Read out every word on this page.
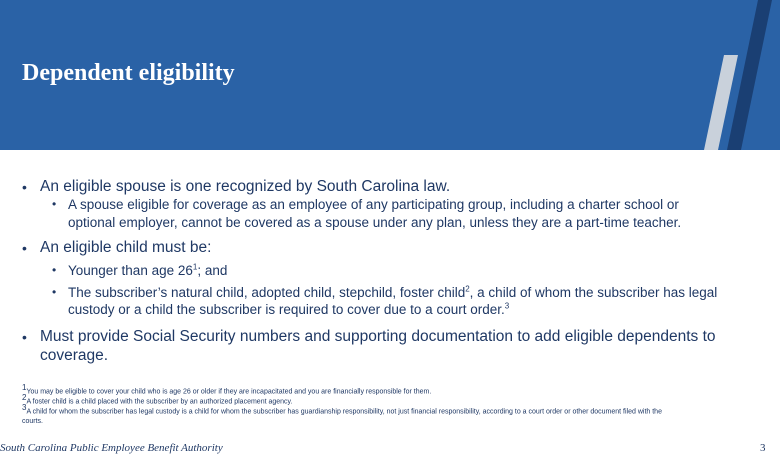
Dependent eligibility
• An eligible spouse is one recognized by South Carolina law.
• A spouse eligible for coverage as an employee of any participating group, including a charter school or
optional employer, cannot be covered as a spouse under any plan, unless they are a part-time teacher.
• An eligible child must be:
• Younger than age $26^1$; and
• The subscriber’s natural child, adopted child, stepchild, foster child$^2$, a child of whom the subscriber has legal
custody or a child the subscriber is required to cover due to a court order.$^3$
• Must provide Social Security numbers and supporting documentation to add eligible dependents to
coverage.
$^1$You may be eligible to cover your child who is age 26 or older if they are incapacitated and you are financially responsible for them.
$^2$A foster child is a child placed with the subscriber by an authorized placement agency.
$^3$A child for whom the subscriber has legal custody is a child for whom the subscriber has guardianship responsibility, not just financial responsibility, according to a court order or other document filed with the
courts.
South Carolina Public Employee Benefit Authority	3
